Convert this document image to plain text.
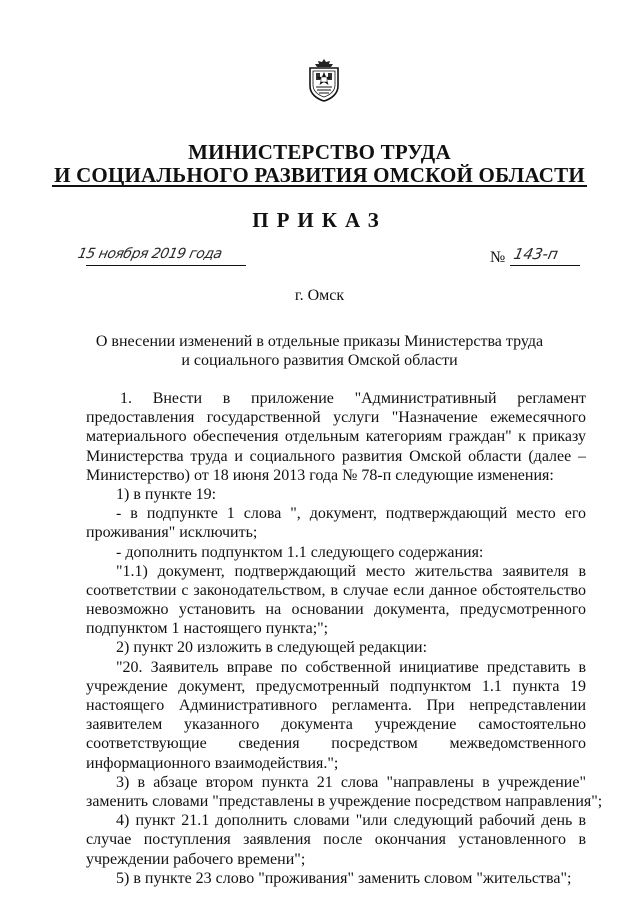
МИНИСТЕРСТВО ТРУДА
И СОЦИАЛЬНОГО РАЗВИТИЯ ОМСКОЙ ОБЛАСТИ
ПРИКАЗ
15 ноября 2019 года	№ 143-п
г. Омск
О внесении изменений в отдельные приказы Министерства труда
и социального развития Омской области
1. Внести в приложение "Административный регламент
предоставления государственной услуги "Назначение ежемесячного
материального обеспечения отдельным категориям граждан" к приказу
Министерства труда и социального развития Омской области (далее –
Министерство) от 18 июня 2013 года № 78-п следующие изменения:
1) в пункте 19:
- в подпункте 1 слова ", документ, подтверждающий место его
проживания" исключить;
- дополнить подпунктом 1.1 следующего содержания:
"1.1) документ, подтверждающий место жительства заявителя в
соответствии с законодательством, в случае если данное обстоятельство
невозможно установить на основании документа, предусмотренного
подпунктом 1 настоящего пункта;";
2) пункт 20 изложить в следующей редакции:
"20. Заявитель вправе по собственной инициативе представить в
учреждение документ, предусмотренный подпунктом 1.1 пункта 19
настоящего Административного регламента. При непредставлении
заявителем указанного документа учреждение самостоятельно
соответствующие сведения посредством межведомственного
информационного взаимодействия.";
3) в абзаце втором пункта 21 слова "направлены в учреждение"
заменить словами "представлены в учреждение посредством направления";
4) пункт 21.1 дополнить словами "или следующий рабочий день в
случае поступления заявления после окончания установленного в
учреждении рабочего времени";
5) в пункте 23 слово "проживания" заменить словом "жительства";
